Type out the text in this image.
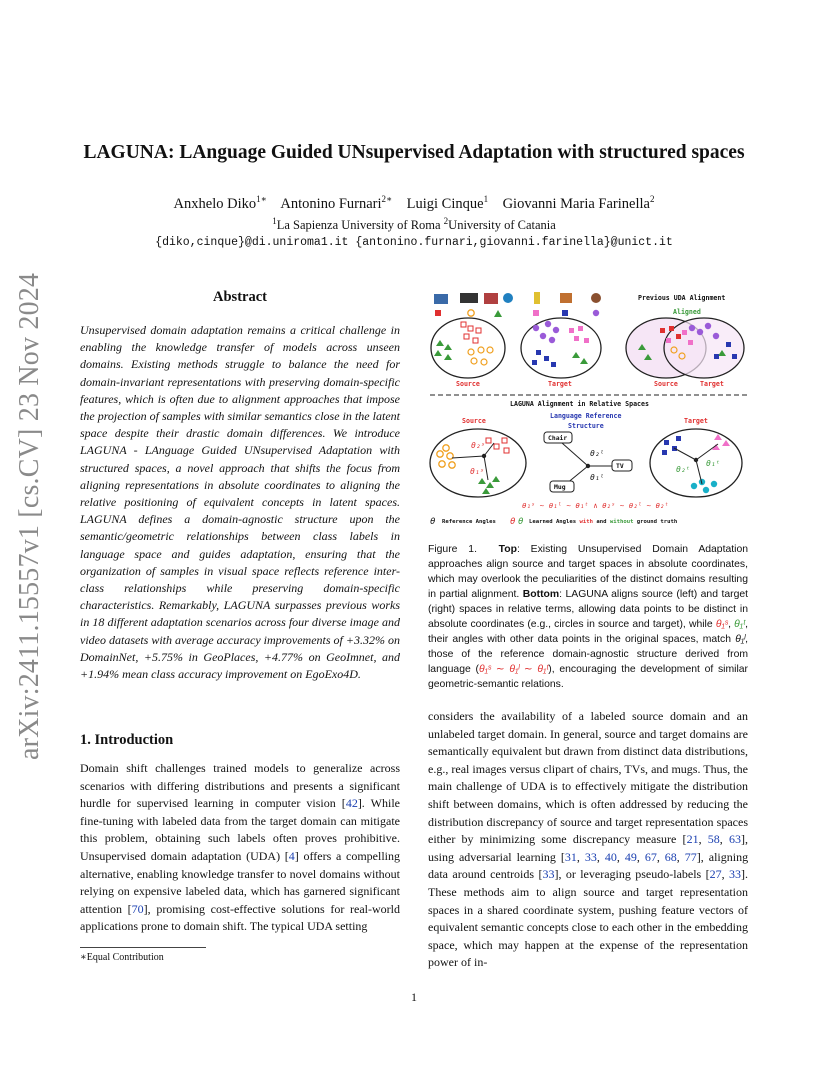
arXiv:2411.15557v1 [cs.CV] 23 Nov 2024
LAGUNA: LAnguage Guided UNsupervised Adaptation with structured spaces
Anxhelo Diko$^{1∗}$ Antonino Furnari$^{2∗}$ Luigi Cinque$^1$ Giovanni Maria Farinella$^2$
$^1$La Sapienza University of Roma $^2$University of Catania
{diko,cinque}@di.uniroma1.it {antonino.furnari,giovanni.farinella}@unict.it
Abstract
Unsupervised domain adaptation remains a critical challenge in enabling the knowledge transfer of models across unseen domains. Existing methods struggle to balance the need for domain-invariant representations with preserving domain-specific features, which is often due to alignment approaches that impose the projection of samples with similar semantics close in the latent space despite their drastic domain differences. We introduce LAGUNA - LAnguage Guided UNsupervised Adaptation with structured spaces, a novel approach that shifts the focus from aligning representations in absolute coordinates to aligning the relative positioning of equivalent concepts in latent spaces. LAGUNA defines a domain-agnostic structure upon the semantic/geometric relationships between class labels in language space and guides adaptation, ensuring that the organization of samples in visual space reflects reference inter-class relationships while preserving domain-specific characteristics. Remarkably, LAGUNA surpasses previous works in 18 different adaptation scenarios across four diverse image and video datasets with average accuracy improvements of +3.32% on DomainNet, +5.75% in GeoPlaces, +4.77% on GeoImnet, and +1.94% mean class accuracy improvement on EgoExo4D.
1. Introduction
Domain shift challenges trained models to generalize across scenarios with differing distributions and presents a significant hurdle for supervised learning in computer vision [42]. While fine-tuning with labeled data from the target domain can mitigate this problem, obtaining such labels often proves prohibitive. Unsupervised domain adaptation (UDA) [4] offers a compelling alternative, enabling knowledge transfer to novel domains without relying on expensive labeled data, which has garnered significant attention [70], promising cost-effective solutions for real-world applications prone to domain shift. The typical UDA setting
considers the availability of a labeled source domain and an unlabeled target domain. In general, source and target domains are semantically equivalent but drawn from distinct data distributions, e.g., real images versus clipart of chairs, TVs, and mugs. Thus, the main challenge of UDA is to effectively mitigate the distribution shift between domains, which is often addressed by reducing the distribution discrepancy of source and target representation spaces either by minimizing some discrepancy measure [21, 58, 63], using adversarial learning [31, 33, 40, 49, 67, 68, 77], aligning data around centroids [33], or leveraging pseudo-labels [27, 33]. These methods aim to align source and target representation spaces in a shared coordinate system, pushing feature vectors of equivalent semantic concepts close to each other in the embedding space, which may happen at the expense of the representation power of in-
∗Equal Contribution
1
Previous UDA Alignment
Aligned
Source	Target	Source	Target
LAGUNA Alignment in Relative Spaces
Source	Target
Language Reference
Structure
θ₂ˢ
θ₁ˢ
Chair
TV
Mug
θ₂ˡ
θ₁ˡ
θ₂ᵗ
θ₁ᵗ
θ₁ˢ ∼ θ₁ˡ ∼ θ₁ᵗ ∧ θ₂ˢ ∼ θ₂ˡ ∼ θ₂ᵗ
θ Reference Angles θ θ Learned Angles with and without ground truth
Figure 1. Top: Existing Unsupervised Domain Adaptation approaches align source and target spaces in absolute coordinates, which may overlook the peculiarities of the distinct domains resulting in partial alignment. Bottom: LAGUNA aligns source (left) and target (right) spaces in relative terms, allowing data points to be distinct in absolute coordinates (e.g., circles in source and target), while θ₁ˢ, θ₁ᵗ, their angles with other data points in the original spaces, match θ₁ˡ, those of the reference domain-agnostic structure derived from language (θ₁ˢ ∼ θ₁ˡ ∼ θ₁ᵗ), encouraging the development of similar geometric-semantic relations.
